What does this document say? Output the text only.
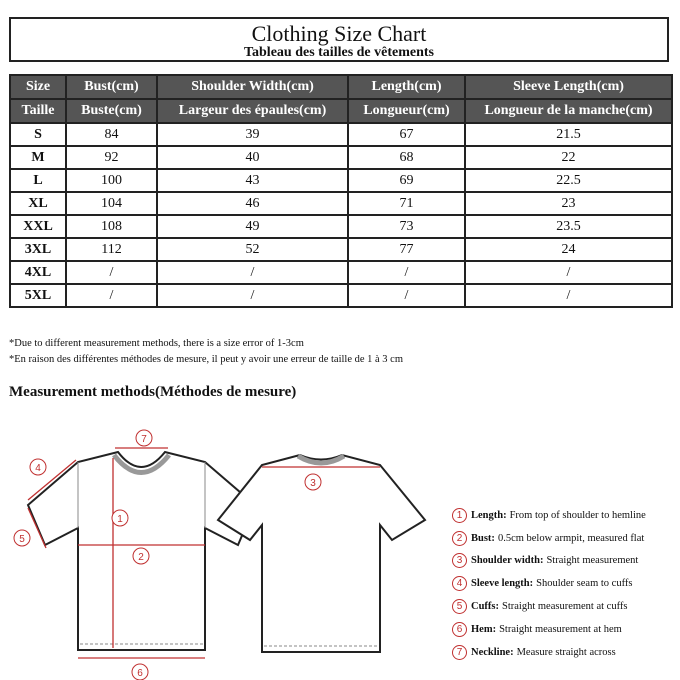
Clothing Size Chart
Tableau des tailles de vêtements
Size	Bust(cm)	Shoulder Width(cm)	Length(cm)	Sleeve Length(cm)
Taille	Buste(cm)	Largeur des épaules(cm)	Longueur(cm)	Longueur de la manche(cm)
S	84	39	67	21.5
M	92	40	68	22
L	100	43	69	22.5
XL	104	46	71	23
XXL	108	49	73	23.5
3XL	112	52	77	24
4XL	/	/	/	/
5XL	/	/	/	/
*Due to different measurement methods, there is a size error of 1-3cm
*En raison des différentes méthodes de mesure, il peut y avoir une erreur de taille de 1 à 3 cm
Measurement methods(Méthodes de mesure)
7
1
2
4
5
6
3
1 Length: From top of shoulder to hemline
2 Bust: 0.5cm below armpit, measured flat
3 Shoulder width: Straight measurement
4 Sleeve length: Shoulder seam to cuffs
5 Cuffs: Straight measurement at cuffs
6 Hem: Straight measurement at hem
7 Neckline: Measure straight across
